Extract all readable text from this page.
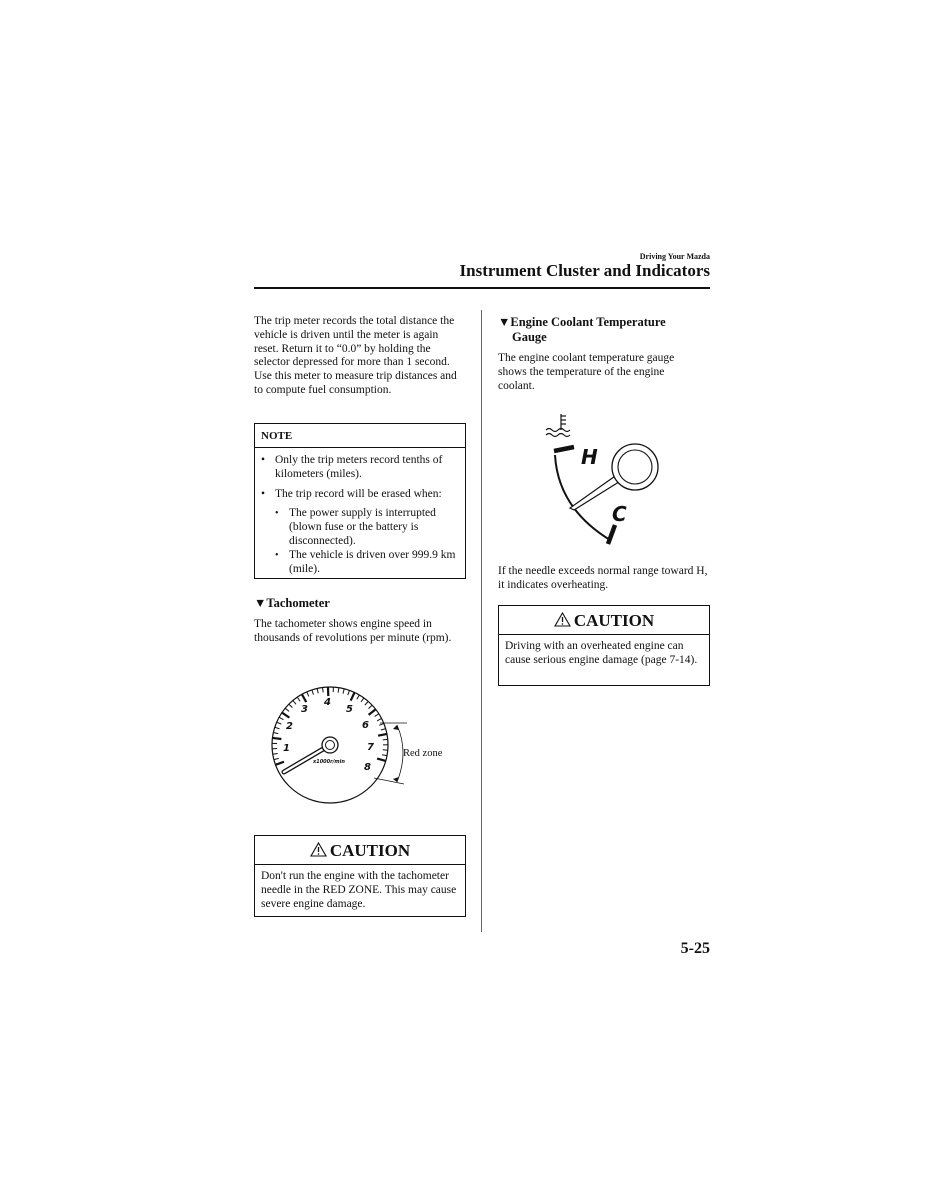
Driving Your Mazda
Instrument Cluster and Indicators
The trip meter records the total distance the vehicle is driven until the meter is again reset. Return it to “0.0” by holding the selector depressed for more than 1 second. Use this meter to measure trip distances and to compute fuel consumption.
NOTE
• Only the trip meters record tenths of kilometers (miles).
• The trip record will be erased when:
• The power supply is interrupted (blown fuse or the battery is disconnected).
• The vehicle is driven over 999.9 km (mile).
▼Tachometer
The tachometer shows engine speed in thousands of revolutions per minute (rpm).
1
2
3
4
5
6
7
8
x1000r/min
Red zone
CAUTION
Don't run the engine with the tachometer needle in the RED ZONE. This may cause severe engine damage.
▼Engine Coolant Temperature
Gauge
The engine coolant temperature gauge shows the temperature of the engine coolant.
H
C
If the needle exceeds normal range toward H, it indicates overheating.
CAUTION
Driving with an overheated engine can cause serious engine damage (page 7-14).
5-25
